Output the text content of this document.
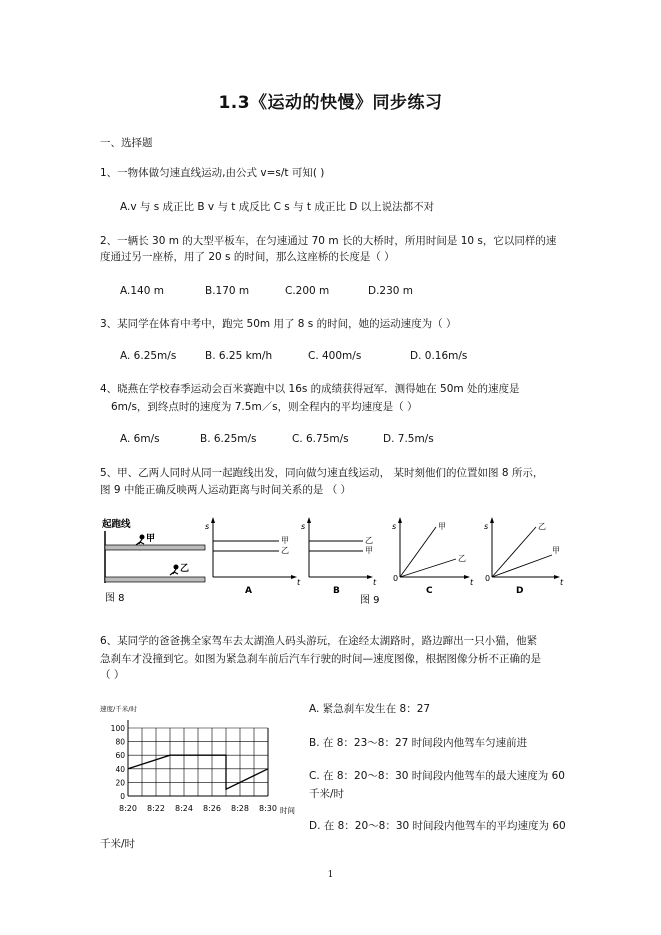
1.3《运动的快慢》同步练习
一、选择题
1、一物体做匀速直线运动,由公式 v=s/t 可知( )
A.v 与 s 成正比 B v 与 t 成反比 C s 与 t 成正比 D 以上说法都不对
2、一辆长 30 m 的大型平板车，在匀速通过 70 m 长的大桥时，所用时间是 10 s，它以同样的速
度通过另一座桥，用了 20 s 的时间，那么这座桥的长度是（ ）
A.140 m	B.170 m	C.200 m	D.230 m
3、某同学在体育中考中，跑完 50m 用了 8 s 的时间，她的运动速度为（ ）
A. 6.25m/s	B. 6.25 km/h	C. 400m/s	D. 0.16m/s
4、晓燕在学校春季运动会百米赛跑中以 16s 的成绩获得冠军．测得她在 50m 处的速度是
6m/s，到终点时的速度为 7.5m／s，则全程内的平均速度是（ ）
A. 6m/s	B. 6.25m/s	C. 6.75m/s	D. 7.5m/s
5、甲、乙两人同时从同一起跑线出发，同向做匀速直线运动， 某时刻他们的位置如图 8 所示，
图 9 中能正确反映两人运动距离与时间关系的是 （ ）
起跑线
甲
乙
图 8
s
t
甲
乙
A
s
t
乙
甲
B
s
t
0
甲
乙
C
s
t
0
乙
甲
D
图 9
6、某同学的爸爸携全家驾车去太湖渔人码头游玩，在途经太湖路时，路边蹿出一只小猫，他紧
急刹车才没撞到它。如图为紧急刹车前后汽车行驶的时间—速度图像，根据图像分析不正确的是
（ ）
速度/千米/时
0
20
40
60
80
100
8:20 8:22 8:24 8:26 8:28 8:30 时间
A. 紧急刹车发生在 8：27
B. 在 8：23～8：27 时间段内他驾车匀速前进
C. 在 8：20～8：30 时间段内他驾车的最大速度为 60
千米/时
D. 在 8：20～8：30 时间段内他驾车的平均速度为 60
千米/时
1
